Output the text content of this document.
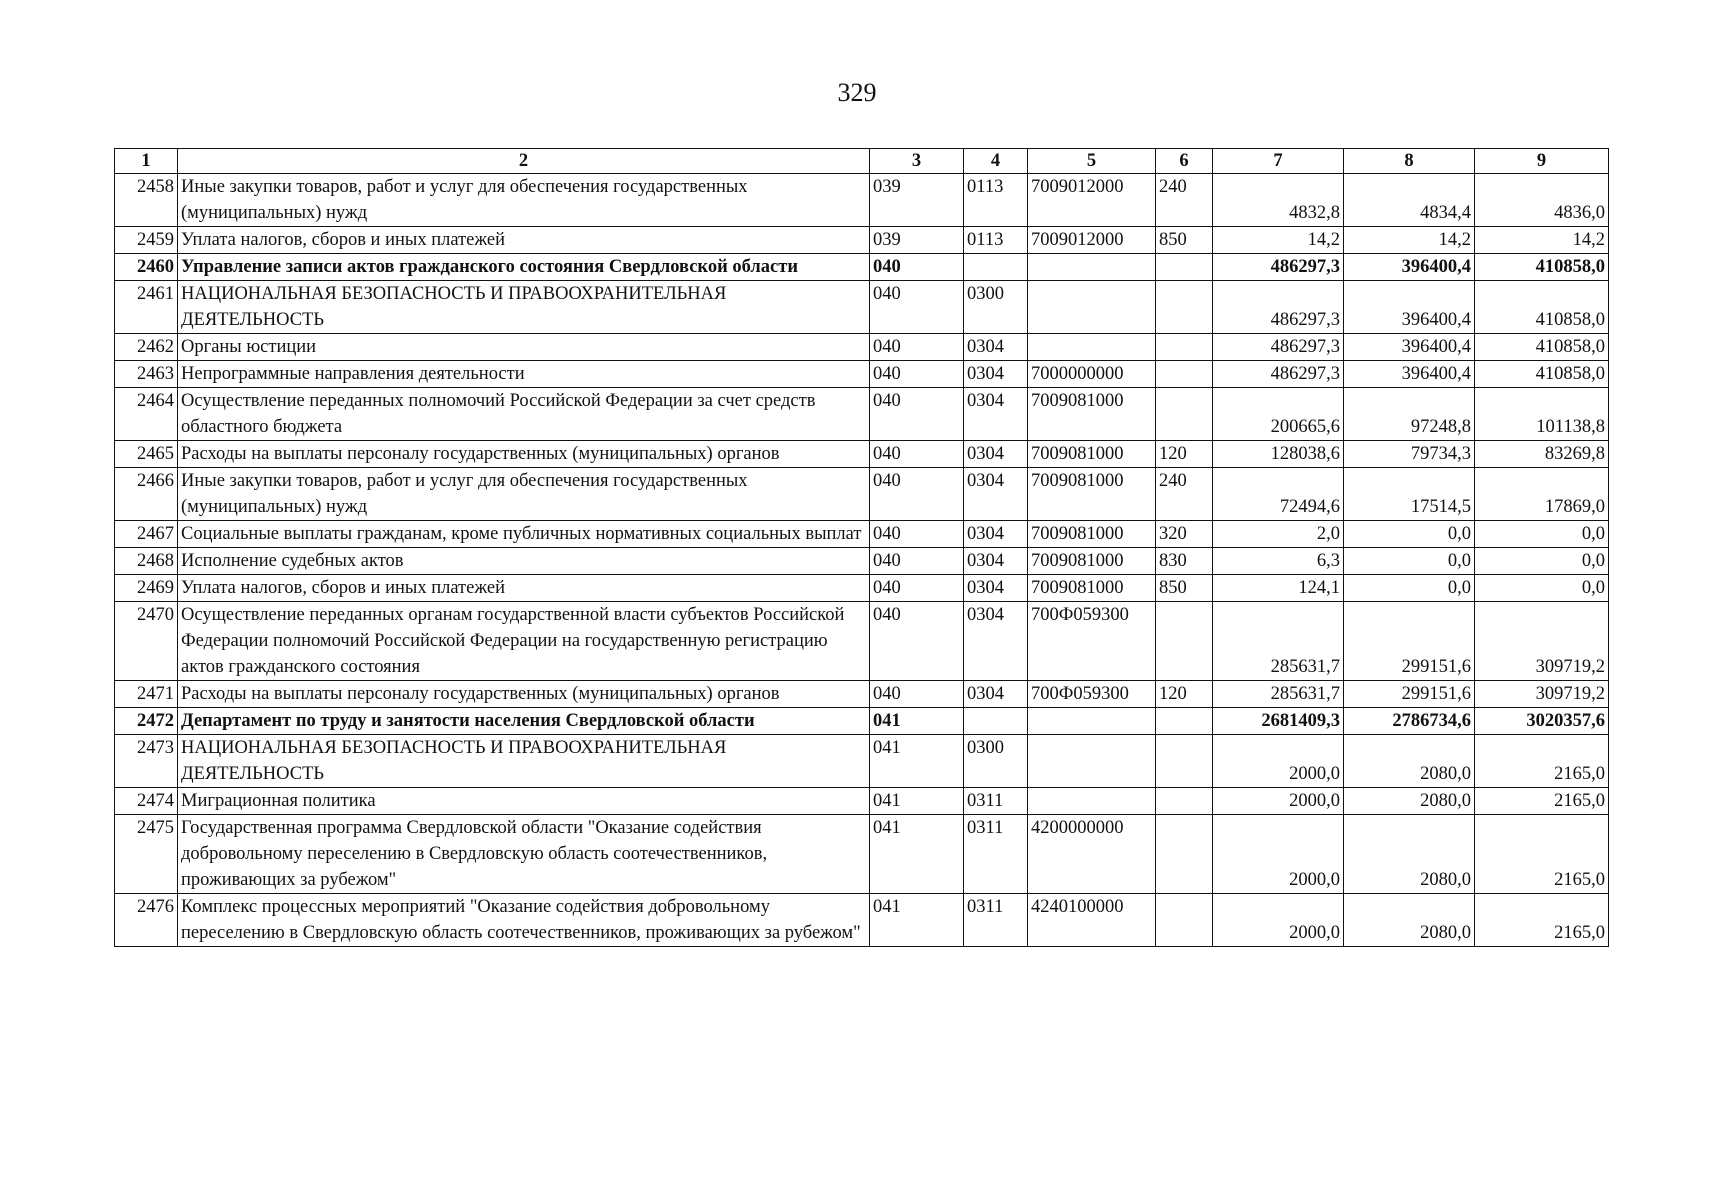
329
1	2	3	4	5	6	7	8	9
2458	Иные закупки товаров, работ и услуг для обеспечения государственных (муниципальных) нужд	039	0113	7009012000	240	4832,8	4834,4	4836,0
2459	Уплата налогов, сборов и иных платежей	039	0113	7009012000	850	14,2	14,2	14,2
2460	Управление записи актов гражданского состояния Свердловской области	040				486297,3	396400,4	410858,0
2461	НАЦИОНАЛЬНАЯ БЕЗОПАСНОСТЬ И ПРАВООХРАНИТЕЛЬНАЯ ДЕЯТЕЛЬНОСТЬ	040	0300			486297,3	396400,4	410858,0
2462	Органы юстиции	040	0304			486297,3	396400,4	410858,0
2463	Непрограммные направления деятельности	040	0304	7000000000		486297,3	396400,4	410858,0
2464	Осуществление переданных полномочий Российской Федерации за счет средств областного бюджета	040	0304	7009081000		200665,6	97248,8	101138,8
2465	Расходы на выплаты персоналу государственных (муниципальных) органов	040	0304	7009081000	120	128038,6	79734,3	83269,8
2466	Иные закупки товаров, работ и услуг для обеспечения государственных (муниципальных) нужд	040	0304	7009081000	240	72494,6	17514,5	17869,0
2467	Социальные выплаты гражданам, кроме публичных нормативных социальных выплат	040	0304	7009081000	320	2,0	0,0	0,0
2468	Исполнение судебных актов	040	0304	7009081000	830	6,3	0,0	0,0
2469	Уплата налогов, сборов и иных платежей	040	0304	7009081000	850	124,1	0,0	0,0
2470	Осуществление переданных органам государственной власти субъектов Российской Федерации полномочий Российской Федерации на государственную регистрацию актов гражданского состояния	040	0304	700Ф059300		285631,7	299151,6	309719,2
2471	Расходы на выплаты персоналу государственных (муниципальных) органов	040	0304	700Ф059300	120	285631,7	299151,6	309719,2
2472	Департамент по труду и занятости населения Свердловской области	041				2681409,3	2786734,6	3020357,6
2473	НАЦИОНАЛЬНАЯ БЕЗОПАСНОСТЬ И ПРАВООХРАНИТЕЛЬНАЯ ДЕЯТЕЛЬНОСТЬ	041	0300			2000,0	2080,0	2165,0
2474	Миграционная политика	041	0311			2000,0	2080,0	2165,0
2475	Государственная программа Свердловской области "Оказание содействия добровольному переселению в Свердловскую область соотечественников, проживающих за рубежом"	041	0311	4200000000		2000,0	2080,0	2165,0
2476	Комплекс процессных мероприятий "Оказание содействия добровольному переселению в Свердловскую область соотечественников, проживающих за рубежом"	041	0311	4240100000		2000,0	2080,0	2165,0
